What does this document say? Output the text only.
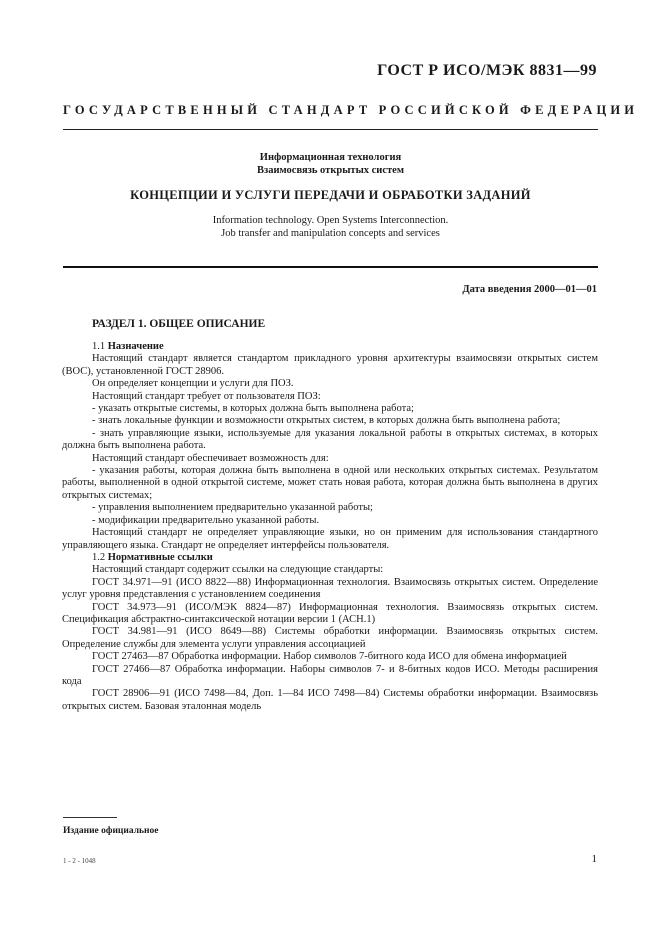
ГОСТ Р ИСО/МЭК 8831—99
ГОСУДАРСТВЕННЫЙ СТАНДАРТ РОССИЙСКОЙ ФЕДЕРАЦИИ
Информационная технология
Взаимосвязь открытых систем
КОНЦЕПЦИИ И УСЛУГИ ПЕРЕДАЧИ И ОБРАБОТКИ ЗАДАНИЙ
Information technology. Open Systems Interconnection.
Job transfer and manipulation concepts and services
Дата введения 2000—01—01
РАЗДЕЛ 1. ОБЩЕЕ ОПИСАНИЕ
1.1 Назначение
Настоящий стандарт является стандартом прикладного уровня архитектуры взаимосвязи открытых систем (ВОС), установленной ГОСТ 28906.
Он определяет концепции и услуги для ПОЗ.
Настоящий стандарт требует от пользователя ПОЗ:
- указать открытые системы, в которых должна быть выполнена работа;
- знать локальные функции и возможности открытых систем, в которых должна быть выполнена работа;
- знать управляющие языки, используемые для указания локальной работы в открытых системах, в которых должна быть выполнена работа.
Настоящий стандарт обеспечивает возможность для:
- указания работы, которая должна быть выполнена в одной или нескольких открытых системах. Результатом работы, выполненной в одной открытой системе, может стать новая работа, которая должна быть выполнена в других открытых системах;
- управления выполнением предварительно указанной работы;
- модификации предварительно указанной работы.
Настоящий стандарт не определяет управляющие языки, но он применим для использования стандартного управляющего языка. Стандарт не определяет интерфейсы пользователя.
1.2 Нормативные ссылки
Настоящий стандарт содержит ссылки на следующие стандарты:
ГОСТ 34.971—91 (ИСО 8822—88) Информационная технология. Взаимосвязь открытых систем. Определение услуг уровня представления с установлением соединения
ГОСТ 34.973—91 (ИСО/МЭК 8824—87) Информационная технология. Взаимосвязь открытых систем. Спецификация абстрактно-синтаксической нотации версии 1 (АСН.1)
ГОСТ 34.981—91 (ИСО 8649—88) Системы обработки информации. Взаимосвязь открытых систем. Определение службы для элемента услуги управления ассоциацией
ГОСТ 27463—87 Обработка информации. Набор символов 7-битного кода ИСО для обмена информацией
ГОСТ 27466—87 Обработка информации. Наборы символов 7- и 8-битных кодов ИСО. Методы расширения кода
ГОСТ 28906—91 (ИСО 7498—84, Доп. 1—84 ИСО 7498—84) Системы обработки информации. Взаимосвязь открытых систем. Базовая эталонная модель
Издание официальное
1 - 2 - 1048	1
